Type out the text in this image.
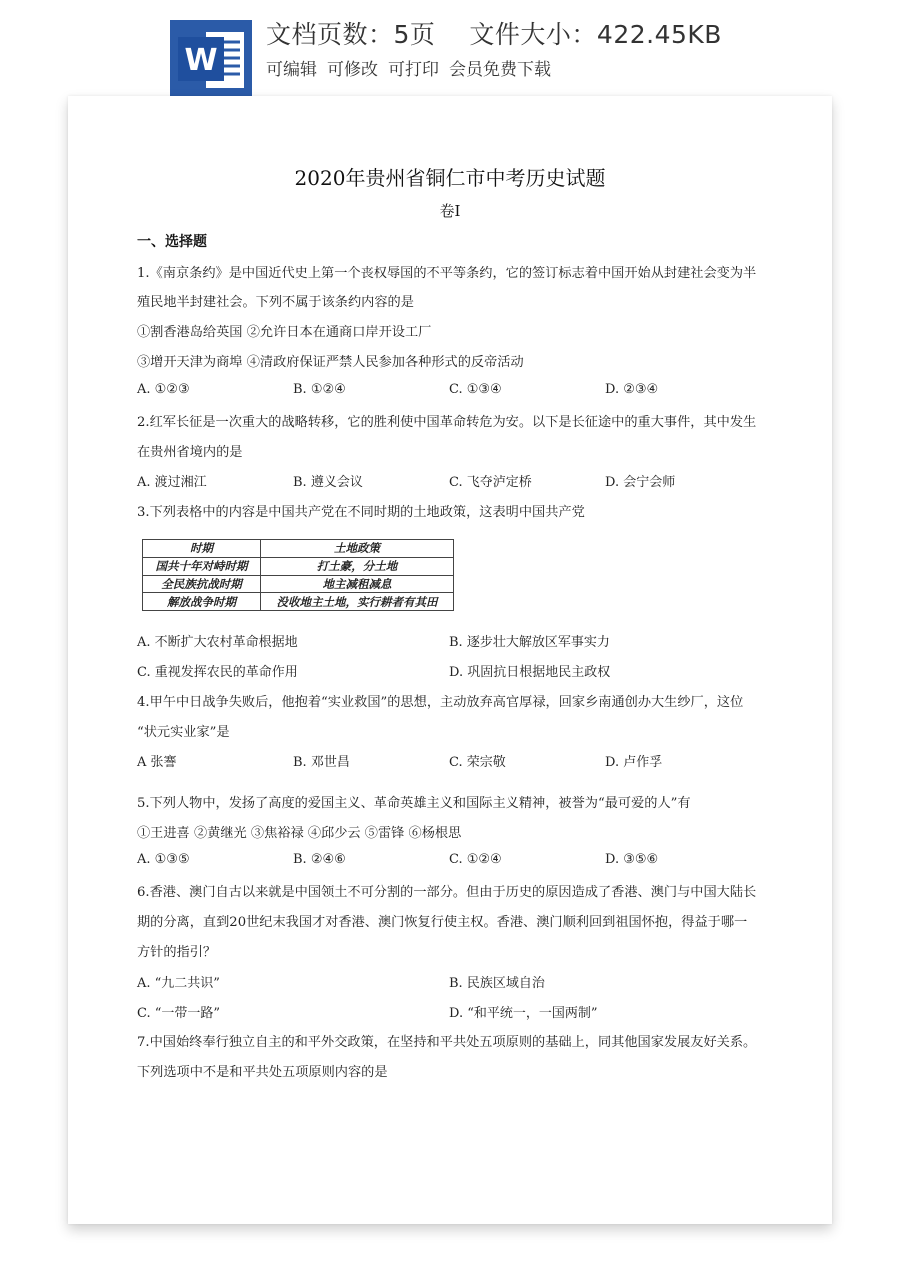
W
文档页数：5页 文件大小：422.45KB
可编辑 可修改 可打印 会员免费下载
2020年贵州省铜仁市中考历史试题
卷Ⅰ
一、选择题
1.《南京条约》是中国近代史上第一个丧权辱国的不平等条约，它的签订标志着中国开始从封建社会变为半
殖民地半封建社会。下列不属于该条约内容的是
①割香港岛给英国 ②允许日本在通商口岸开设工厂
③增开天津为商埠 ④清政府保证严禁人民参加各种形式的反帝活动
A. ①②③	B. ①②④	C. ①③④	D. ②③④
2.红军长征是一次重大的战略转移，它的胜利使中国革命转危为安。以下是长征途中的重大事件，其中发生
在贵州省境内的是
A. 渡过湘江	B. 遵义会议	C. 飞夺泸定桥	D. 会宁会师
3.下列表格中的内容是中国共产党在不同时期的土地政策，这表明中国共产党
时期	土地政策
国共十年对峙时期	打土豪，分土地
全民族抗战时期	地主减租减息
解放战争时期	没收地主土地，实行耕者有其田
A. 不断扩大农村革命根据地	B. 逐步壮大解放区军事实力
C. 重视发挥农民的革命作用	D. 巩固抗日根据地民主政权
4.甲午中日战争失败后，他抱着“实业救国”的思想，主动放弃高官厚禄，回家乡南通创办大生纱厂，这位
“状元实业家”是
A 张謇	B. 邓世昌	C. 荣宗敬	D. 卢作孚
5.下列人物中，发扬了高度的爱国主义、革命英雄主义和国际主义精神，被誉为“最可爱的人”有
①王进喜 ②黄继光 ③焦裕禄 ④邱少云 ⑤雷锋 ⑥杨根思
A. ①③⑤	B. ②④⑥	C. ①②④	D. ③⑤⑥
6.香港、澳门自古以来就是中国领土不可分割的一部分。但由于历史的原因造成了香港、澳门与中国大陆长
期的分离，直到20世纪末我国才对香港、澳门恢复行使主权。香港、澳门顺利回到祖国怀抱，得益于哪一
方针的指引？
A. “九二共识”	B. 民族区域自治
C. “一带一路”	D. “和平统一，一国两制”
7.中国始终奉行独立自主的和平外交政策，在坚持和平共处五项原则的基础上，同其他国家发展友好关系。
下列选项中不是和平共处五项原则内容的是
